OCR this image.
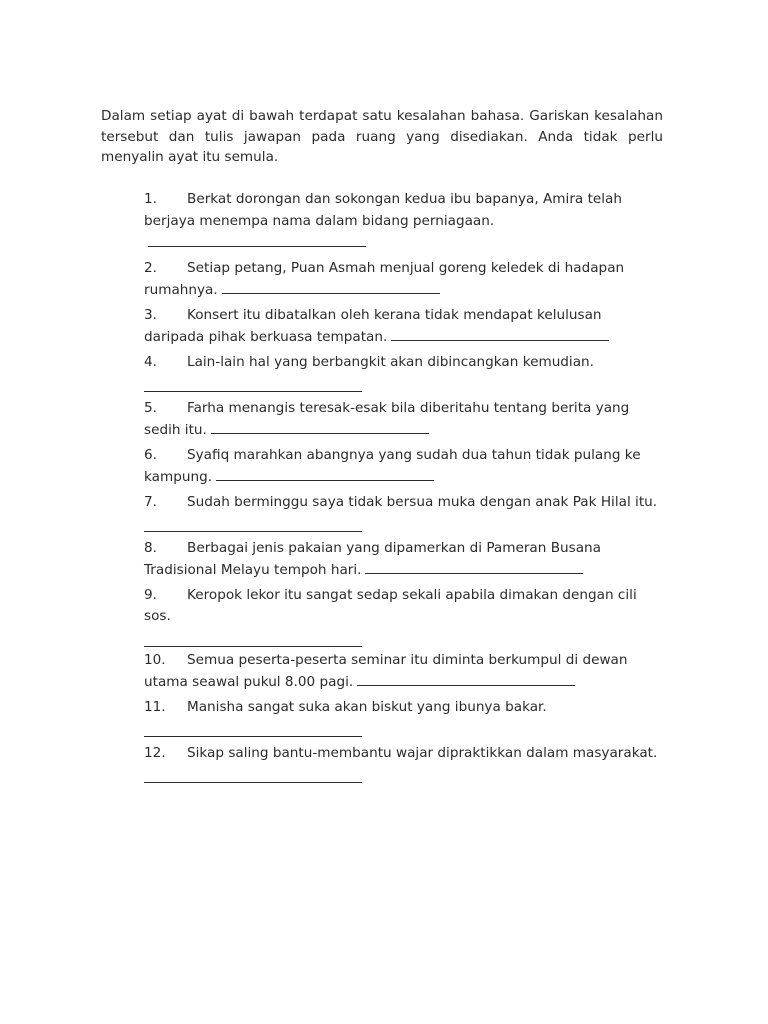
Dalam setiap ayat di bawah terdapat satu kesalahan bahasa. Gariskan kesalahan tersebut dan tulis jawapan pada ruang yang disediakan. Anda tidak perlu menyalin ayat itu semula.

1. Berkat dorongan dan sokongan kedua ibu bapanya, Amira telah berjaya menempa nama dalam bidang perniagaan.
2. Setiap petang, Puan Asmah menjual goreng keledek di hadapan rumahnya.
3. Konsert itu dibatalkan oleh kerana tidak mendapat kelulusan daripada pihak berkuasa tempatan.
4. Lain-lain hal yang berbangkit akan dibincangkan kemudian.
5. Farha menangis teresak-esak bila diberitahu tentang berita yang sedih itu.
6. Syafiq marahkan abangnya yang sudah dua tahun tidak pulang ke kampung.
7. Sudah berminggu saya tidak bersua muka dengan anak Pak Hilal itu.
8. Berbagai jenis pakaian yang dipamerkan di Pameran Busana Tradisional Melayu tempoh hari.
9. Keropok lekor itu sangat sedap sekali apabila dimakan dengan cili sos.
10. Semua peserta-peserta seminar itu diminta berkumpul di dewan utama seawal pukul 8.00 pagi.
11. Manisha sangat suka akan biskut yang ibunya bakar.
12. Sikap saling bantu-membantu wajar dipraktikkan dalam masyarakat.
